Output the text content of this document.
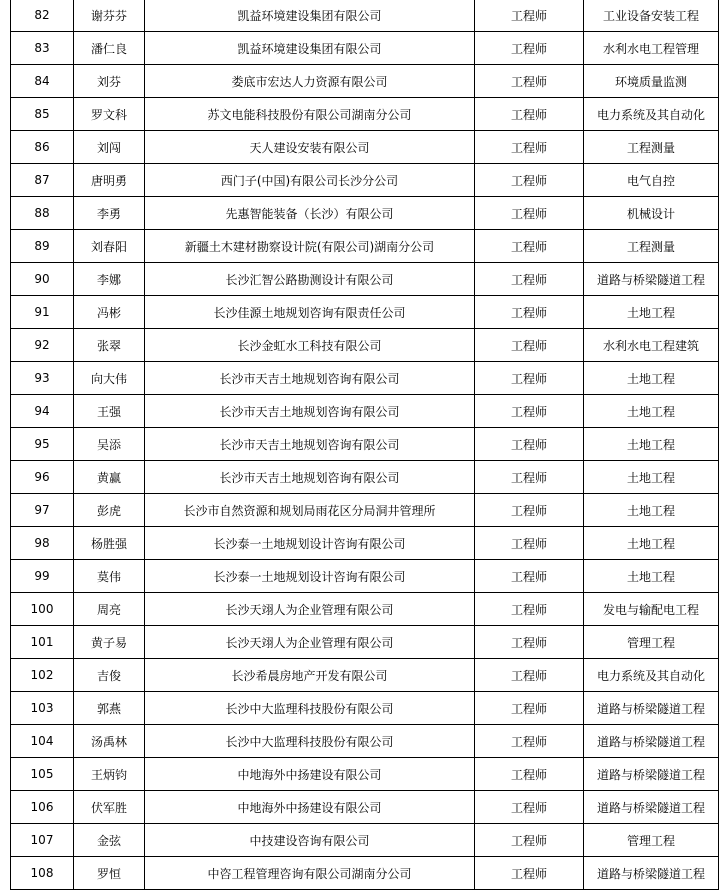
82	谢芬芬	凯益环境建设集团有限公司	工程师	工业设备安装工程
83	潘仁良	凯益环境建设集团有限公司	工程师	水利水电工程管理
84	刘芬	娄底市宏达人力资源有限公司	工程师	环境质量监测
85	罗文科	苏文电能科技股份有限公司湖南分公司	工程师	电力系统及其自动化
86	刘闯	天人建设安装有限公司	工程师	工程测量
87	唐明勇	西门子(中国)有限公司长沙分公司	工程师	电气自控
88	李勇	先惠智能装备（长沙）有限公司	工程师	机械设计
89	刘春阳	新疆土木建材勘察设计院(有限公司)湖南分公司	工程师	工程测量
90	李娜	长沙汇智公路勘测设计有限公司	工程师	道路与桥梁隧道工程
91	冯彬	长沙佳源土地规划咨询有限责任公司	工程师	土地工程
92	张翠	长沙金虹水工科技有限公司	工程师	水利水电工程建筑
93	向大伟	长沙市天吉土地规划咨询有限公司	工程师	土地工程
94	王强	长沙市天吉土地规划咨询有限公司	工程师	土地工程
95	吴添	长沙市天吉土地规划咨询有限公司	工程师	土地工程
96	黄赢	长沙市天吉土地规划咨询有限公司	工程师	土地工程
97	彭虎	长沙市自然资源和规划局雨花区分局洞井管理所	工程师	土地工程
98	杨胜强	长沙泰一土地规划设计咨询有限公司	工程师	土地工程
99	莫伟	长沙泰一土地规划设计咨询有限公司	工程师	土地工程
100	周亮	长沙天翊人为企业管理有限公司	工程师	发电与输配电工程
101	黄子易	长沙天翊人为企业管理有限公司	工程师	管理工程
102	吉俊	长沙希晨房地产开发有限公司	工程师	电力系统及其自动化
103	郭燕	长沙中大监理科技股份有限公司	工程师	道路与桥梁隧道工程
104	汤禹林	长沙中大监理科技股份有限公司	工程师	道路与桥梁隧道工程
105	王炳钧	中地海外中扬建设有限公司	工程师	道路与桥梁隧道工程
106	伏军胜	中地海外中扬建设有限公司	工程师	道路与桥梁隧道工程
107	金弦	中技建设咨询有限公司	工程师	管理工程
108	罗恒	中咨工程管理咨询有限公司湖南分公司	工程师	道路与桥梁隧道工程
